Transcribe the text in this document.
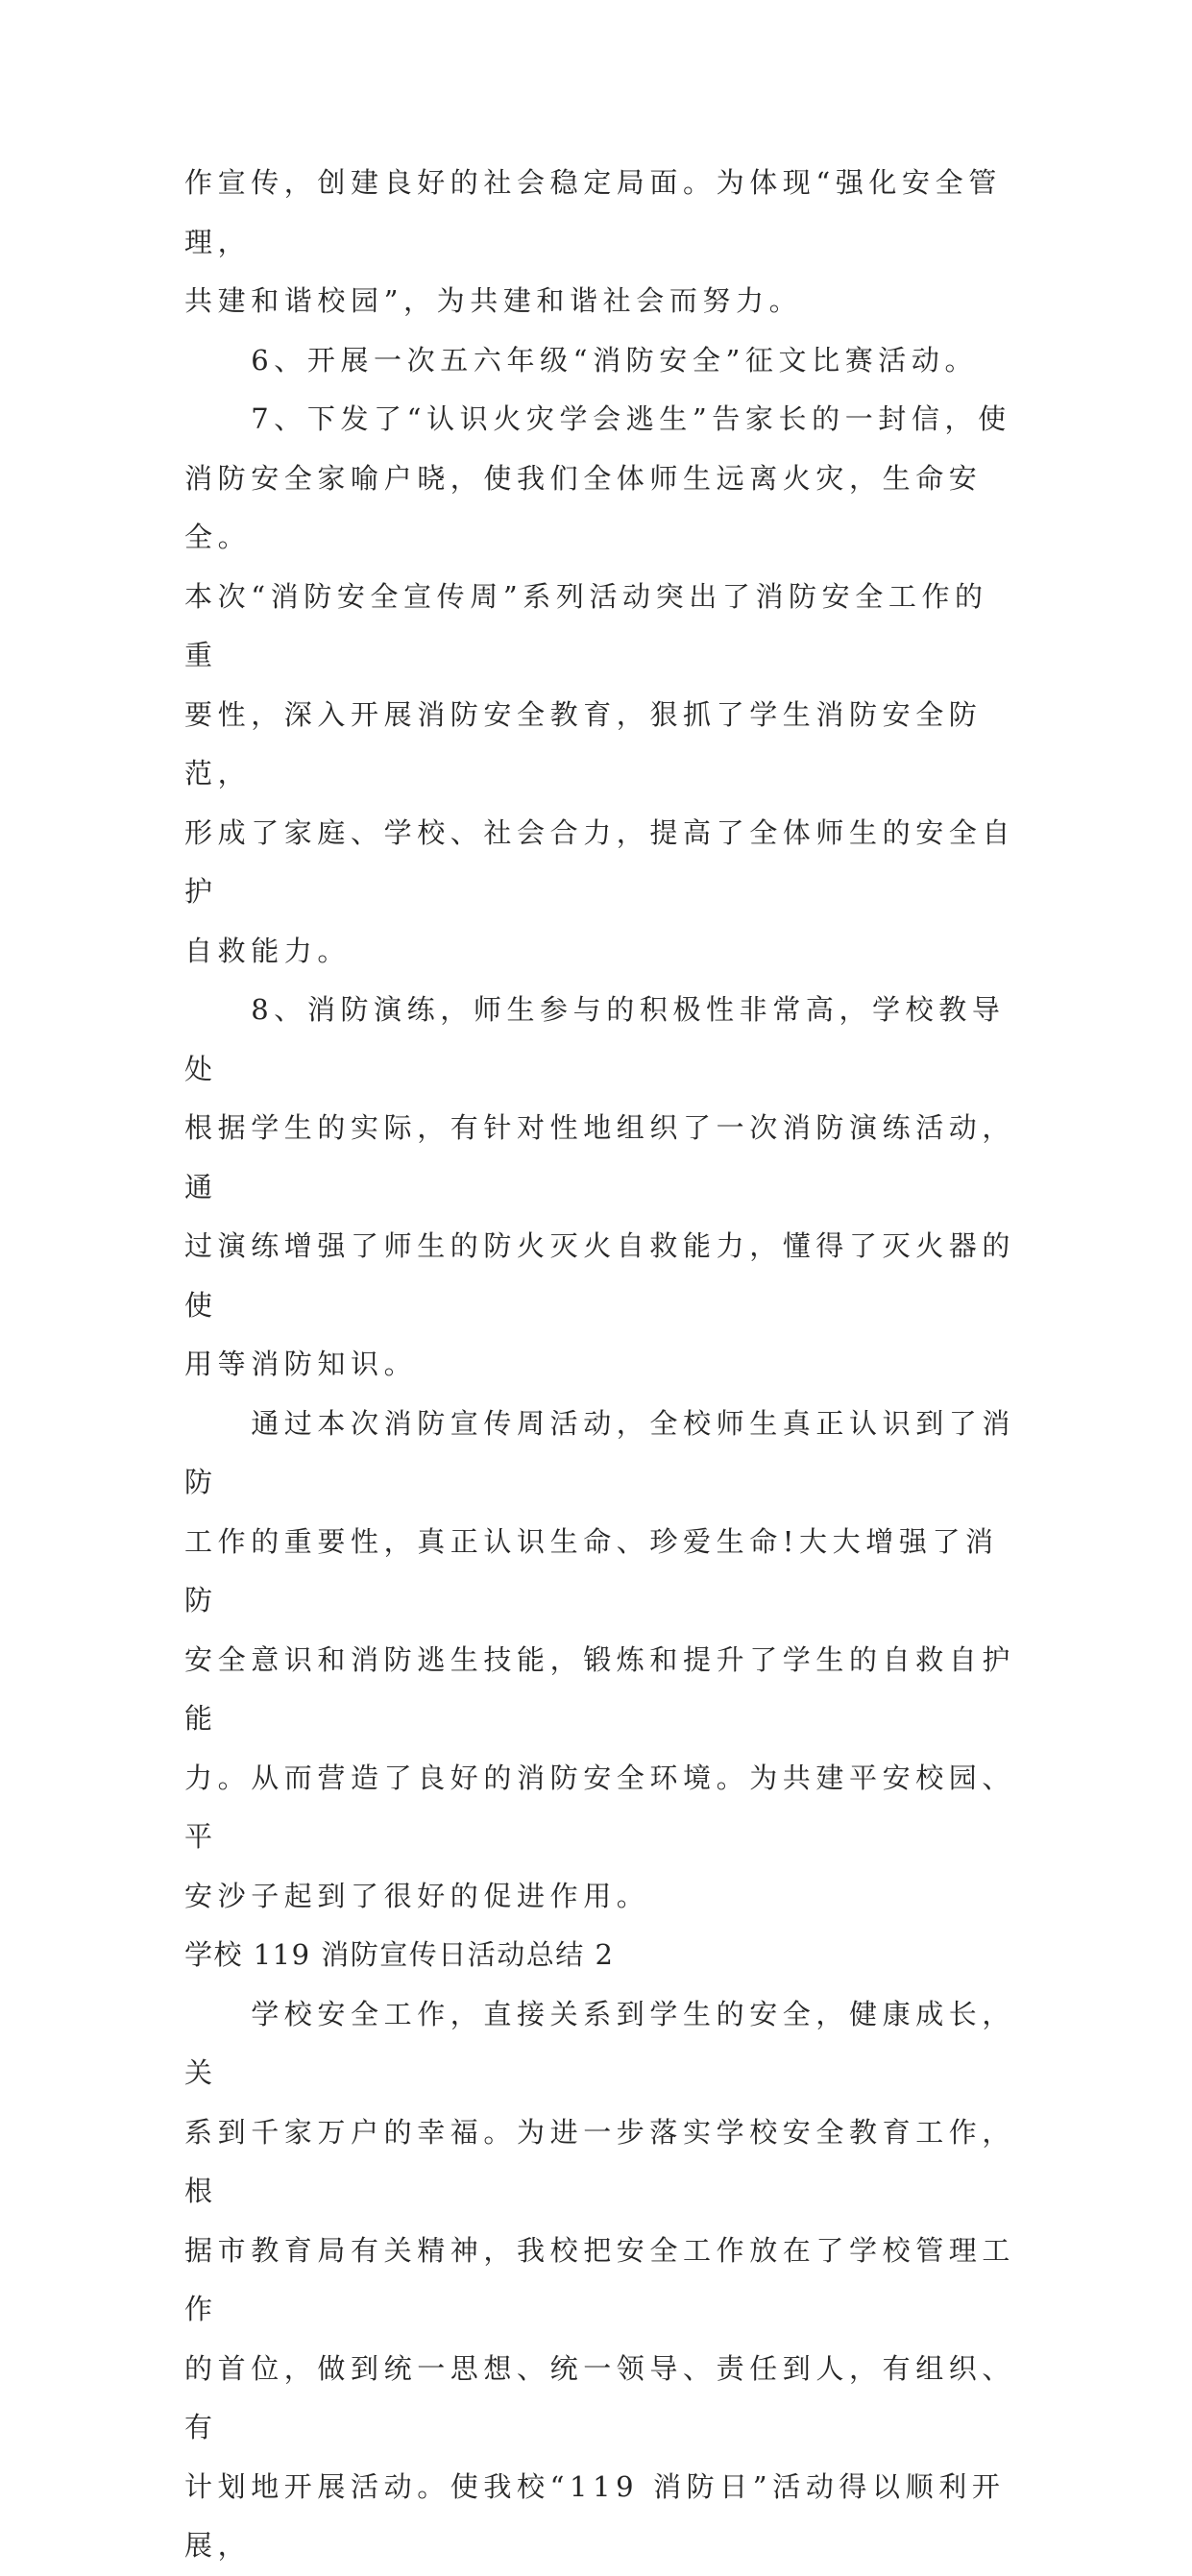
作宣传，创建良好的社会稳定局面。为体现“强化安全管理，
共建和谐校园”，为共建和谐社会而努力。

　　6、开展一次五六年级“消防安全”征文比赛活动。

　　7、下发了“认识火灾学会逃生”告家长的一封信，使
消防安全家喻户晓，使我们全体师生远离火灾，生命安全。
本次“消防安全宣传周”系列活动突出了消防安全工作的重
要性，深入开展消防安全教育，狠抓了学生消防安全防范，
形成了家庭、学校、社会合力，提高了全体师生的安全自护
自救能力。

　　8、消防演练，师生参与的积极性非常高，学校教导处
根据学生的实际，有针对性地组织了一次消防演练活动，通
过演练增强了师生的防火灭火自救能力，懂得了灭火器的使
用等消防知识。

　　通过本次消防宣传周活动，全校师生真正认识到了消防
工作的重要性，真正认识生命、珍爱生命!大大增强了消防
安全意识和消防逃生技能，锻炼和提升了学生的自救自护能
力。从而营造了良好的消防安全环境。为共建平安校园、平
安沙子起到了很好的促进作用。

学校 119 消防宣传日活动总结 2

　　学校安全工作，直接关系到学生的安全，健康成长，关
系到千家万户的幸福。为进一步落实学校安全教育工作，根
据市教育局有关精神，我校把安全工作放在了学校管理工作
的首位，做到统一思想、统一领导、责任到人，有组织、有
计划地开展活动。使我校“119 消防日”活动得以顺利开展，
